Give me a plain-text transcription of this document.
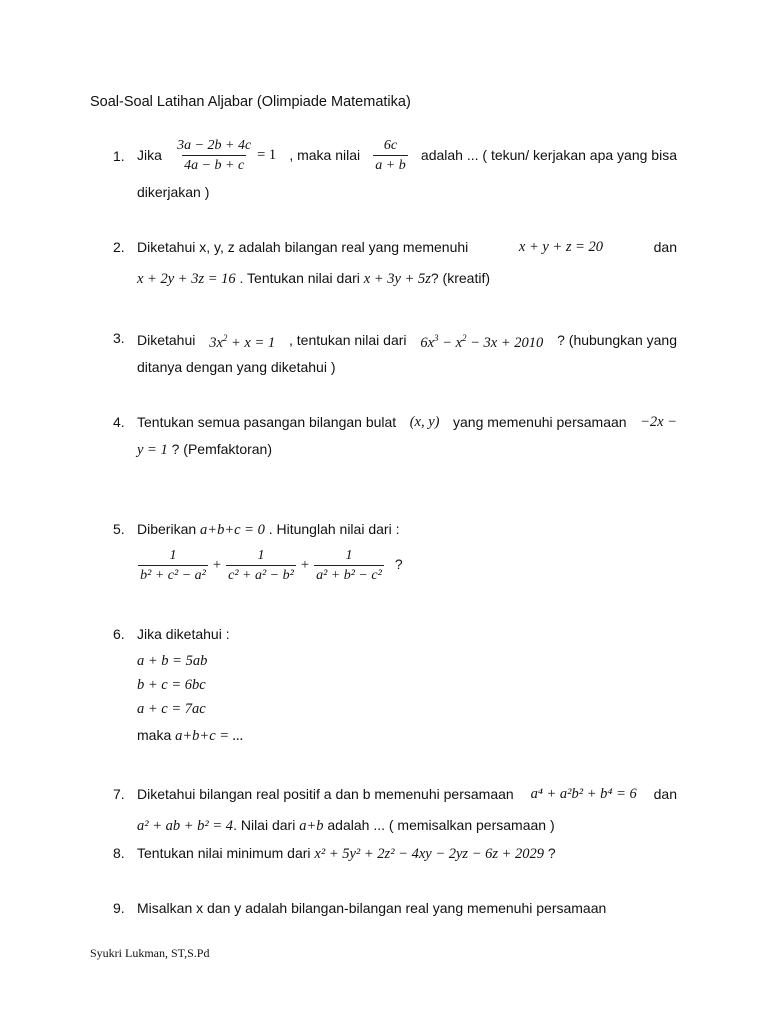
Soal-Soal Latihan Aljabar (Olimpiade Matematika)
1. Jika $\frac{3a - 2b + 4c}{4a - b + c} = 1$ , maka nilai $\frac{6c}{a + b}$ adalah ... ( tekun/ kerjakan apa yang bisa
dikerjakan )
2. Diketahui x, y, z adalah bilangan real yang memenuhi	x + y + z = 20	dan
x + 2y + 3z = 16 . Tentukan nilai dari x + 3y + 5z? (kreatif)
3. Diketahui $3x^2 + x = 1$ , tentukan nilai dari $6x^3 - x^2 - 3x + 2010$ ? (hubungkan yang
ditanya dengan yang diketahui )
4. Tentukan semua pasangan bilangan bulat (x, y) yang memenuhi persamaan −2x −
y = 1 ? (Pemfaktoran)
5. Diberikan a+b+c = 0 . Hitunglah nilai dari :
$\frac{1}{\text{b² + c² − a²}} + \frac{1}{\text{c² + a² − b²}} + \frac{1}{\text{a² + b² − c²}}$ ?
6. Jika diketahui :
a + b = 5ab
b + c = 6bc
a + c = 7ac
maka a+b+c = ...
7. Diketahui bilangan real positif a dan b memenuhi persamaan a⁴ + a²b² + b⁴ = 6 dan
a² + ab + b² = 4. Nilai dari a+b adalah ... ( memisalkan persamaan )
8. Tentukan nilai minimum dari x² + 5y² + 2z² − 4xy − 2yz − 6z + 2029 ?
9. Misalkan x dan y adalah bilangan-bilangan real yang memenuhi persamaan
Syukri Lukman, ST,S.Pd
